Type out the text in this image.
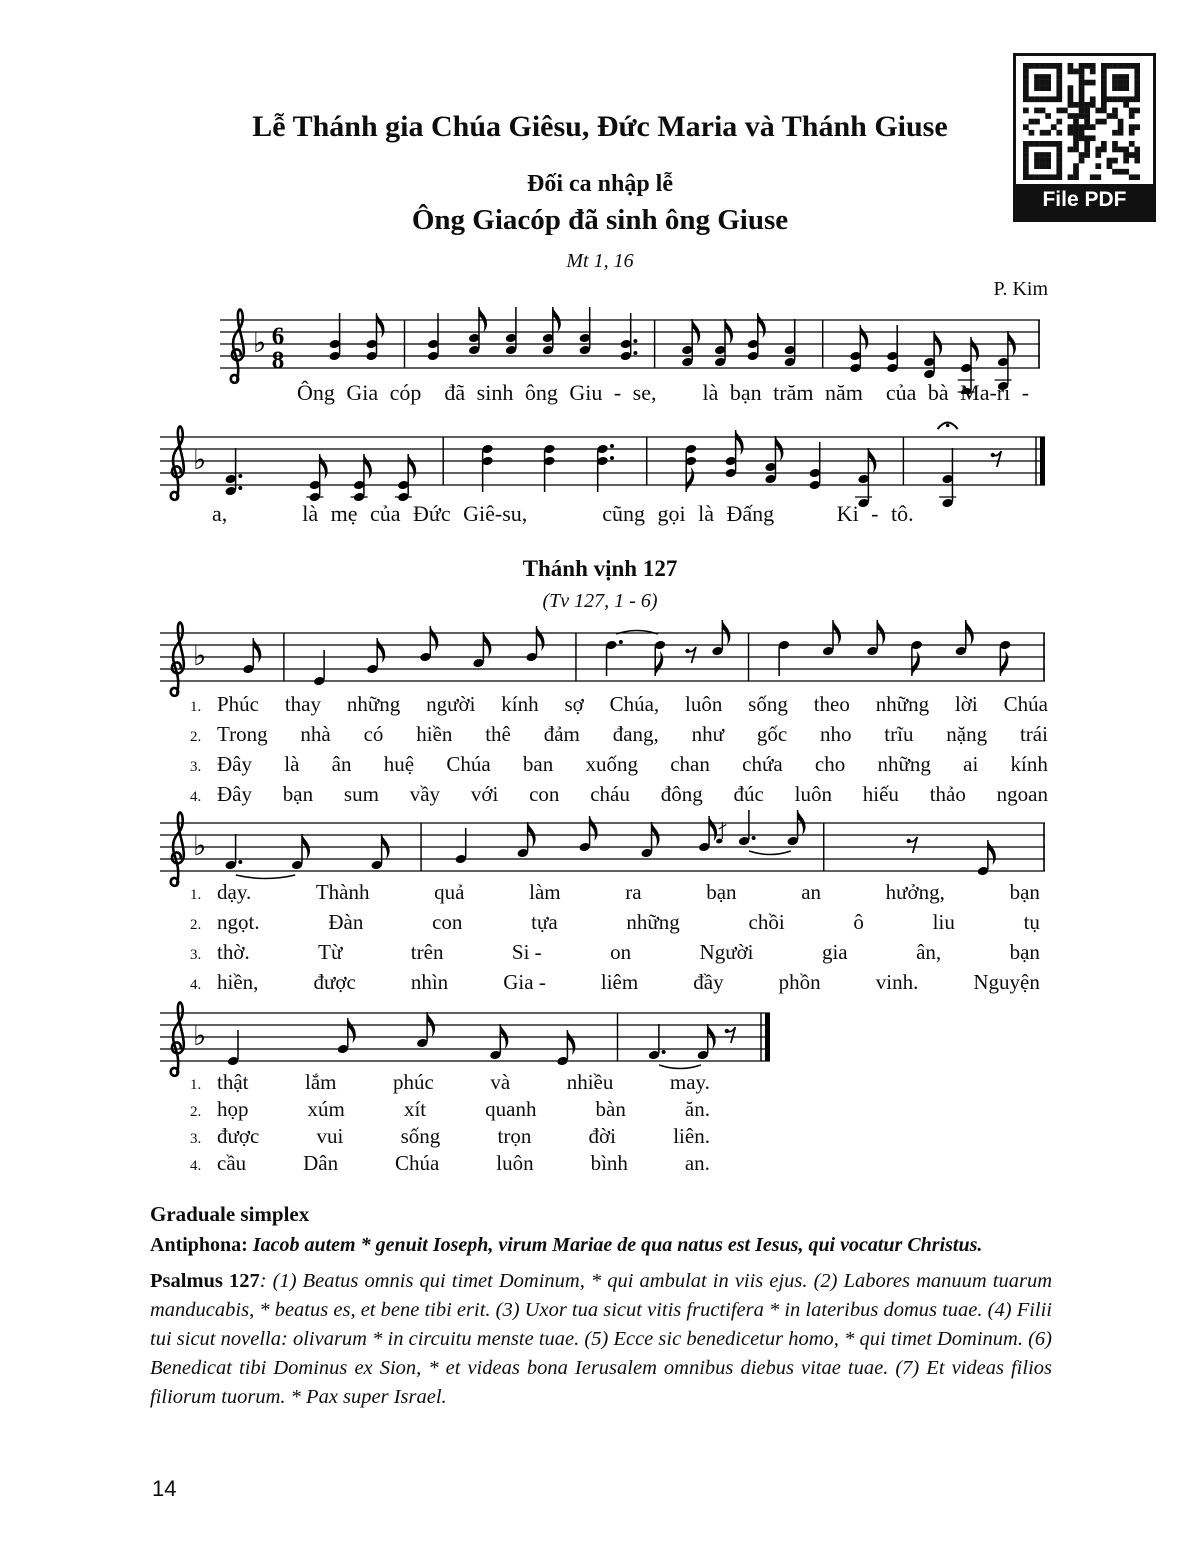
Lễ Thánh gia Chúa Giêsu, Đức Maria và Thánh Giuse
Đối ca nhập lễ
Ông Giacóp đã sinh ông Giuse
Mt 1, 16
P. Kim
File PDF
♭ 6
8
Ông Gia cóp  đã sinh ông Giu - se,    là bạn trăm năm  của bà Ma-ri -
♭
a,      là mẹ của Đức Giê-su,      cũng gọi là Đấng     Ki - tô.
Thánh vịnh 127
(Tv 127, 1 - 6)
♭
1. Phúc thay những người kính sợ Chúa, luôn sống theo những lời Chúa
2. Trong nhà có hiền thê đảm đang, như gốc nho trĩu nặng trái
3. Đây là ân huệ Chúa ban xuống chan chứa cho những ai kính
4. Đây bạn sum vầy với con cháu đông đúc luôn hiếu thảo ngoan
♭
1. dạy.	Thành	quả	làm	ra	bạn	an	hưởng,	bạn
2. ngọt.	Đàn	con	tựa	những	chồi	ô	liu	tụ
3. thờ.	Từ	trên	Si -	on	Người	gia	ân,	bạn
4. hiền,	được	nhìn	Gia -	liêm	đầy	phồn	vinh.	Nguyện
♭
1. thật	lắm	phúc	và	nhiều	may.
2. họp	xúm	xít	quanh	bàn	ăn.
3. được	vui	sống	trọn	đời	liên.
4. cầu	Dân	Chúa	luôn	bình	an.
Graduale simplex
Antiphona: Iacob autem * genuit Ioseph, virum Mariae de qua natus est Iesus, qui vocatur Christus.
Psalmus 127: (1) Beatus omnis qui timet Dominum, * qui ambulat in viis ejus. (2) Labores manuum tuarum manducabis, * beatus es, et bene tibi erit. (3) Uxor tua sicut vitis fructifera * in lateribus domus tuae. (4) Filii tui sicut novella: olivarum * in circuitu menste tuae. (5) Ecce sic benedicetur homo, * qui timet Dominum. (6) Benedicat tibi Dominus ex Sion, * et videas bona Ierusalem omnibus diebus vitae tuae. (7) Et videas filios filiorum tuorum. * Pax super Israel.
14
